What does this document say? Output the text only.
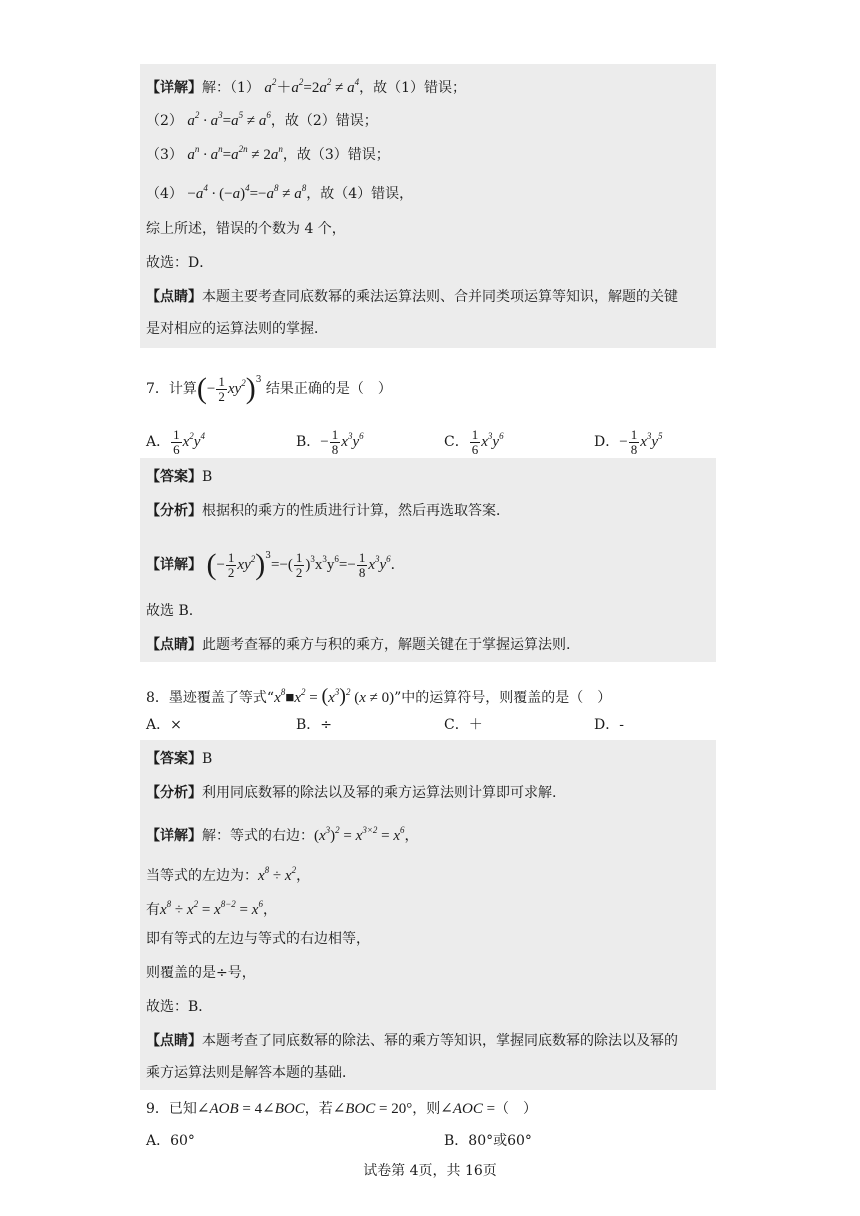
【详解】解：（1） $a^2+a^2=2a^2 \ne a^4$，故（1）错误；
（2） $a^2 \cdot a^3=a^5 \ne a^6$，故（2）错误；
（3） $a^n \cdot a^n=a^{2n} \ne 2a^n$，故（3）错误；
$(4) -a^4 \cdot (-a)^4=-a^8 \ne a^8$，故（4）错误，
综上所述，错误的个数为 4 个，
故选：D．
【点睛】本题主要考查同底数幂的乘法运算法则、合并同类项运算等知识，解题的关键
是对相应的运算法则的掌握．
7．计算(− $\frac{1}{2} xy^2)^3$ 结果正确的是（　）
A． $\frac{1}{6} x^2y^4$	B．− $\frac{1}{8} x^3y^6$	C． $\frac{1}{6} x^3y^6$	D．− $\frac{1}{8} x^3y^5$
【答案】B
【分析】根据积的乘方的性质进行计算，然后再选取答案．
【详解】 (− $\frac{1}{2} xy^2)^3=-( \frac{1}{2} )^3x^3y^6=- \frac{1}{8} x^3y^6$．
故选 B.
【点睛】此题考查幂的乘方与积的乘方，解题关键在于掌握运算法则.
8．墨迹覆盖了等式“$x^8■x^2 = (x^3)^2$ (x ≠ 0)”中的运算符号，则覆盖的是（　）
A．×	B．÷	C．＋	D．-
【答案】B
【分析】利用同底数幂的除法以及幂的乘方运算法则计算即可求解.
【详解】解：等式的右边：$(x^3)^2 = x^{3\times 2} = x^6$，
当等式的左边为：$x^8 \div x^2$，
有$x^8 \div x^2 = x^{8-2} = x^6$，
即有等式的左边与等式的右边相等，
则覆盖的是÷号，
故选：B．
【点睛】本题考查了同底数幂的除法、幂的乘方等知识，掌握同底数幂的除法以及幂的
乘方运算法则是解答本题的基础．
9．已知∠AOB = 4∠BOC，若∠BOC = 20°，则∠AOC =（　）
A．60°	B．80°或60°
试卷第 4页，共 16页
